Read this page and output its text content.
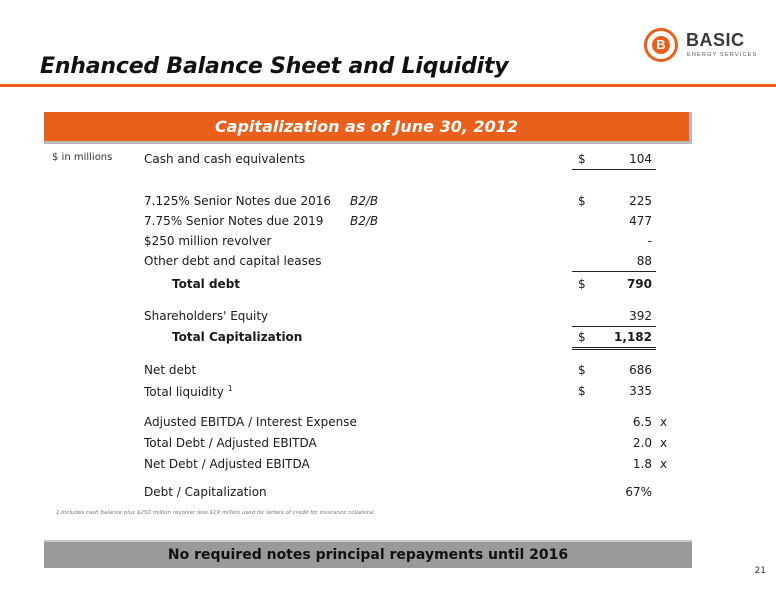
Enhanced Balance Sheet and Liquidity
B BASIC
ENERGY SERVICES
Capitalization as of June 30, 2012
$ in millions	Cash and cash equivalents	$	104
7.125% Senior Notes due 2016 B2/B	$	225
7.75% Senior Notes due 2019 B2/B	477
$250 million revolver	-
Other debt and capital leases	88
Total debt	$	790
Shareholders' Equity	392
Total Capitalization	$ 1,182
Net debt	$	686
Total liquidity $^1$	$	335
Adjusted EBITDA / Interest Expense	6.5 x
Total Debt / Adjusted EBITDA	2.0 x
Net Debt / Adjusted EBITDA	1.8 x
Debt / Capitalization	67%
1 Includes cash balance plus $250 million revolver less $19 million used for letters of credit for insurance collateral.
No required notes principal repayments until 2016
21
